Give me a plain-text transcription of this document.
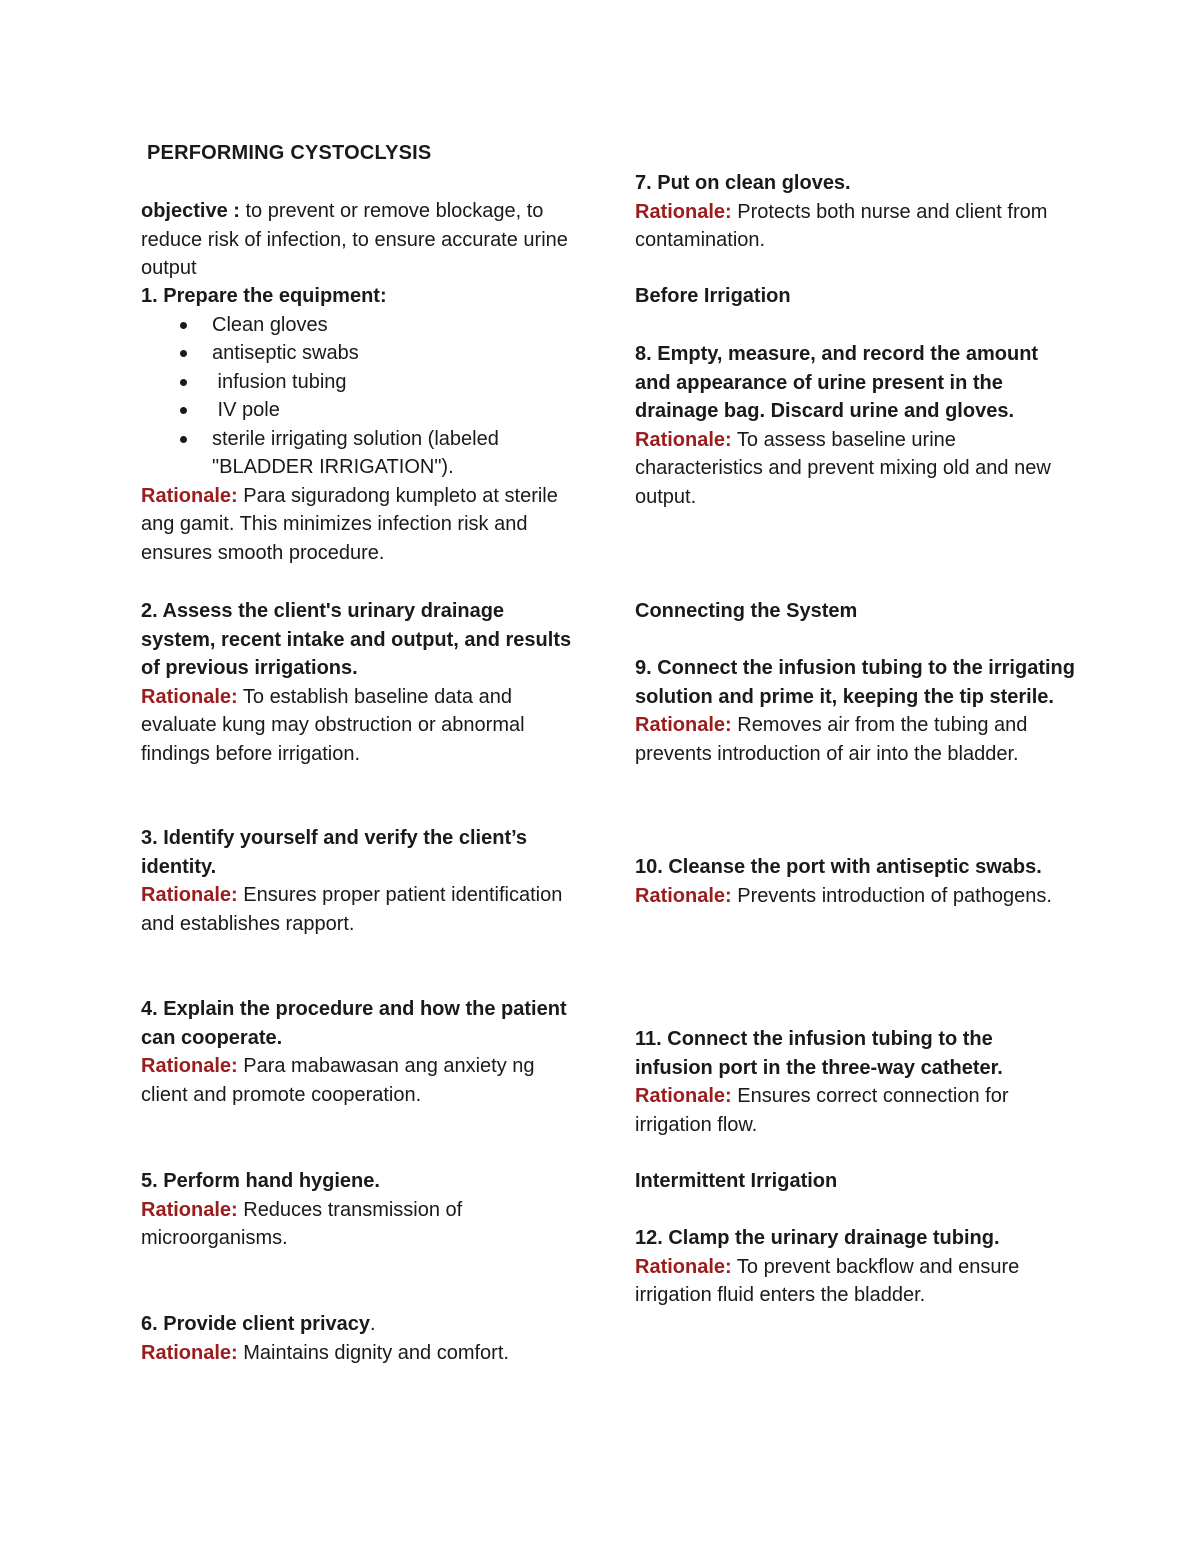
PERFORMING CYSTOCLYSIS

objective : to prevent or remove blockage, to reduce risk of infection, to ensure accurate urine output

1. Prepare the equipment:

Clean gloves
antiseptic swabs
infusion tubing
IV pole
sterile irrigating solution (labeled "BLADDER IRRIGATION").

Rationale: Para siguradong kumpleto at sterile ang gamit. This minimizes infection risk and ensures smooth procedure.

2. Assess the client's urinary drainage system, recent intake and output, and results of previous irrigations.

Rationale: To establish baseline data and evaluate kung may obstruction or abnormal findings before irrigation.

3. Identify yourself and verify the client’s identity.

Rationale: Ensures proper patient identification and establishes rapport.

4. Explain the procedure and how the patient can cooperate.

Rationale: Para mabawasan ang anxiety ng client and promote cooperation.

5. Perform hand hygiene.

Rationale: Reduces transmission of microorganisms.

6. Provide client privacy.

Rationale: Maintains dignity and comfort.

7. Put on clean gloves.

Rationale: Protects both nurse and client from contamination.

Before Irrigation

8. Empty, measure, and record the amount and appearance of urine present in the drainage bag. Discard urine and gloves.

Rationale: To assess baseline urine characteristics and prevent mixing old and new output.

Connecting the System

9. Connect the infusion tubing to the irrigating solution and prime it, keeping the tip sterile.

Rationale: Removes air from the tubing and prevents introduction of air into the bladder.

10. Cleanse the port with antiseptic swabs.

Rationale: Prevents introduction of pathogens.

11. Connect the infusion tubing to the infusion port in the three-way catheter.

Rationale: Ensures correct connection for irrigation flow.

Intermittent Irrigation

12. Clamp the urinary drainage tubing.

Rationale: To prevent backflow and ensure irrigation fluid enters the bladder.
